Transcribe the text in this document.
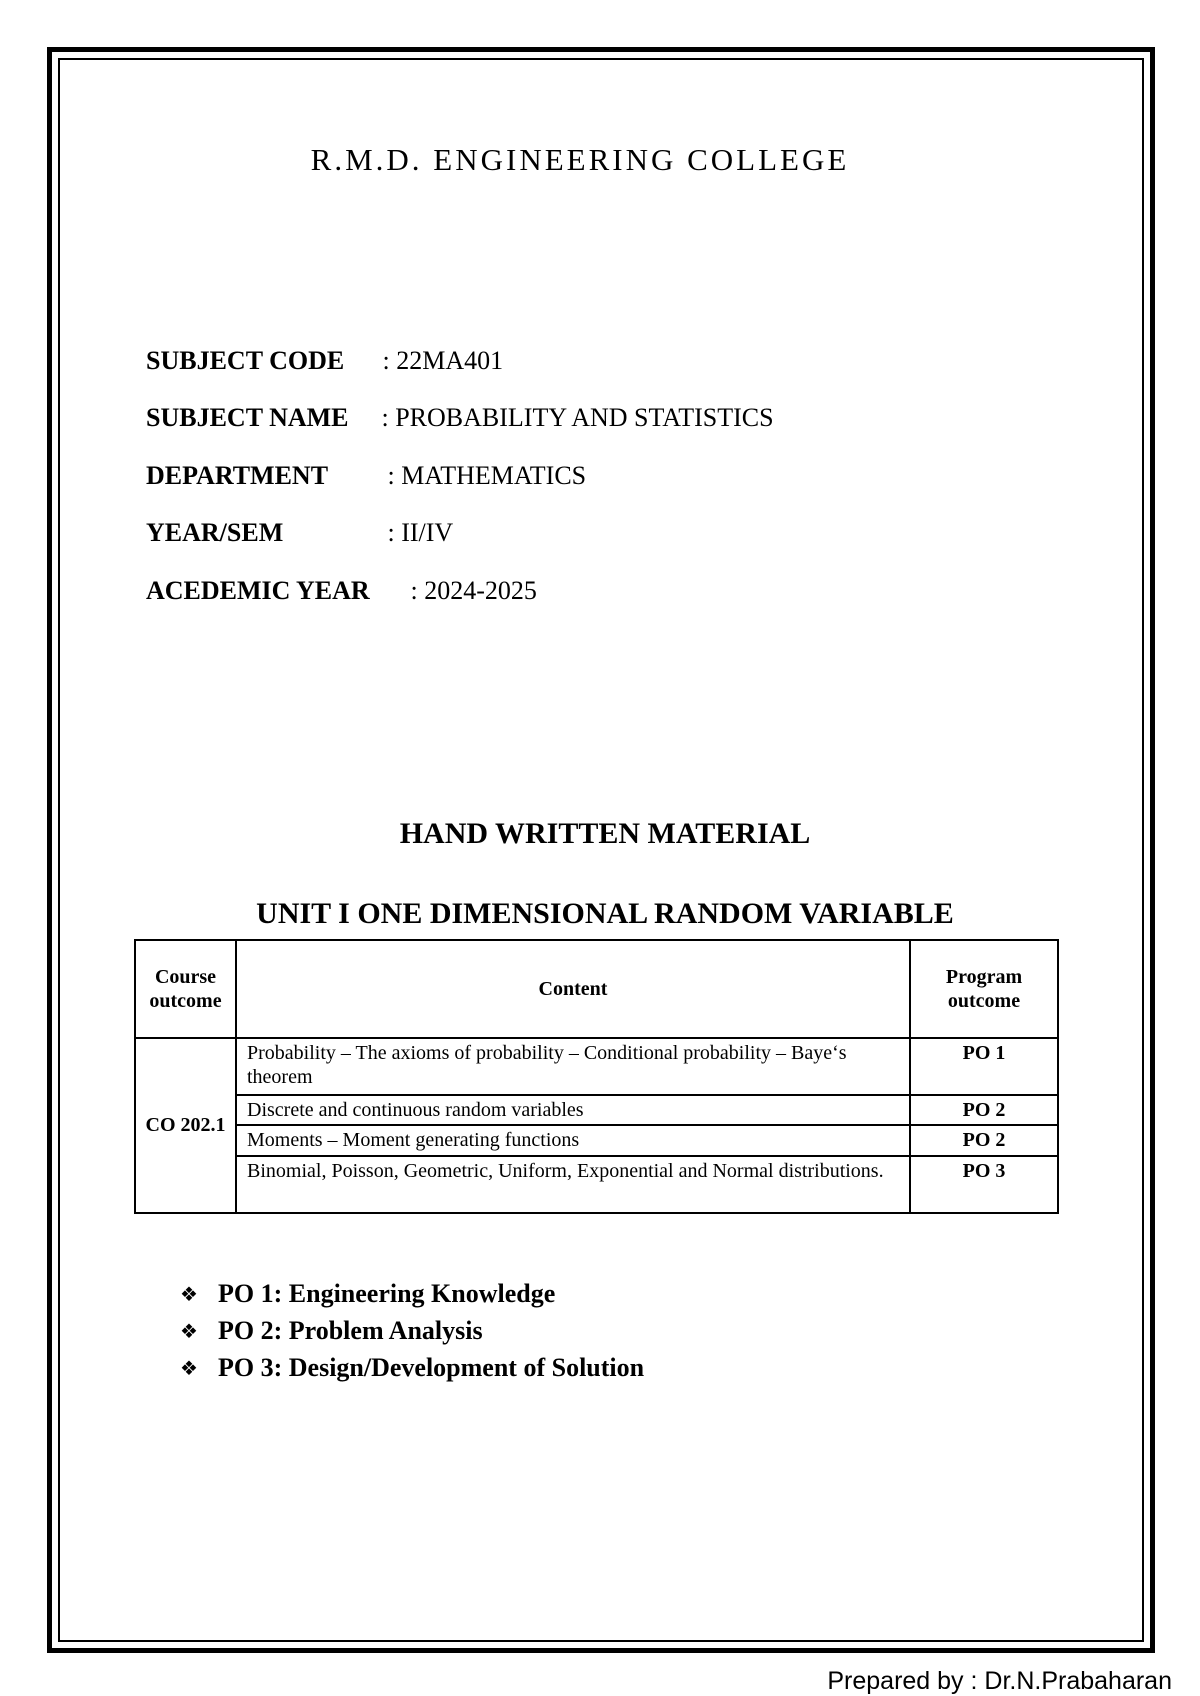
R.M.D. ENGINEERING COLLEGE
SUBJECT CODE : 22MA401
SUBJECT NAME : PROBABILITY AND STATISTICS
DEPARTMENT : MATHEMATICS
YEAR/SEM	: II/IV
ACEDEMIC YEAR : 2024-2025
HAND WRITTEN MATERIAL
UNIT I ONE DIMENSIONAL RANDOM VARIABLE
Course outcome	Content	Program outcome
CO 202.1	Probability – The axioms of probability – Conditional probability – Baye‘s theorem	PO 1
	Discrete and continuous random variables	PO 2
	Moments – Moment generating functions	PO 2
	Binomial, Poisson, Geometric, Uniform, Exponential and Normal distributions.	PO 3
❖ PO 1: Engineering Knowledge
❖ PO 2: Problem Analysis
❖ PO 3: Design/Development of Solution
Prepared by : Dr.N.Prabaharan
